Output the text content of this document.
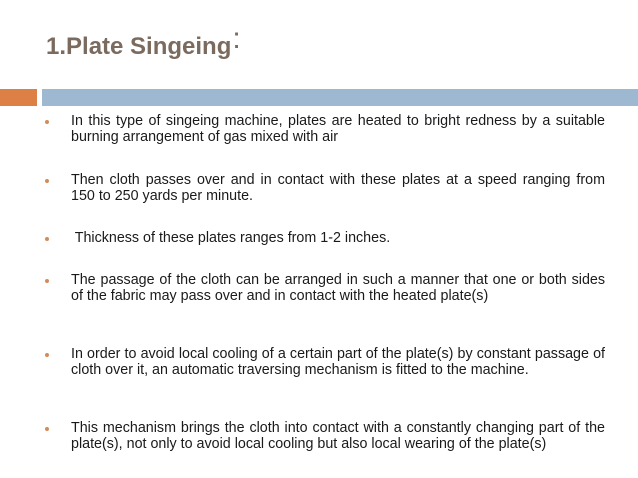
1.Plate Singeing:
In this type of singeing machine, plates are heated to bright redness by a suitable burning arrangement of gas mixed with air
Then cloth passes over and in contact with these plates at a speed ranging from 150 to 250 yards per minute.
Thickness of these plates ranges from 1-2 inches.
The passage of the cloth can be arranged in such a manner that one or both sides of the fabric may pass over and in contact with the heated plate(s)
In order to avoid local cooling of a certain part of the plate(s) by constant passage of cloth over it, an automatic traversing mechanism is fitted to the machine.
This mechanism brings the cloth into contact with a constantly changing part of the plate(s), not only to avoid local cooling but also local wearing of the plate(s)
